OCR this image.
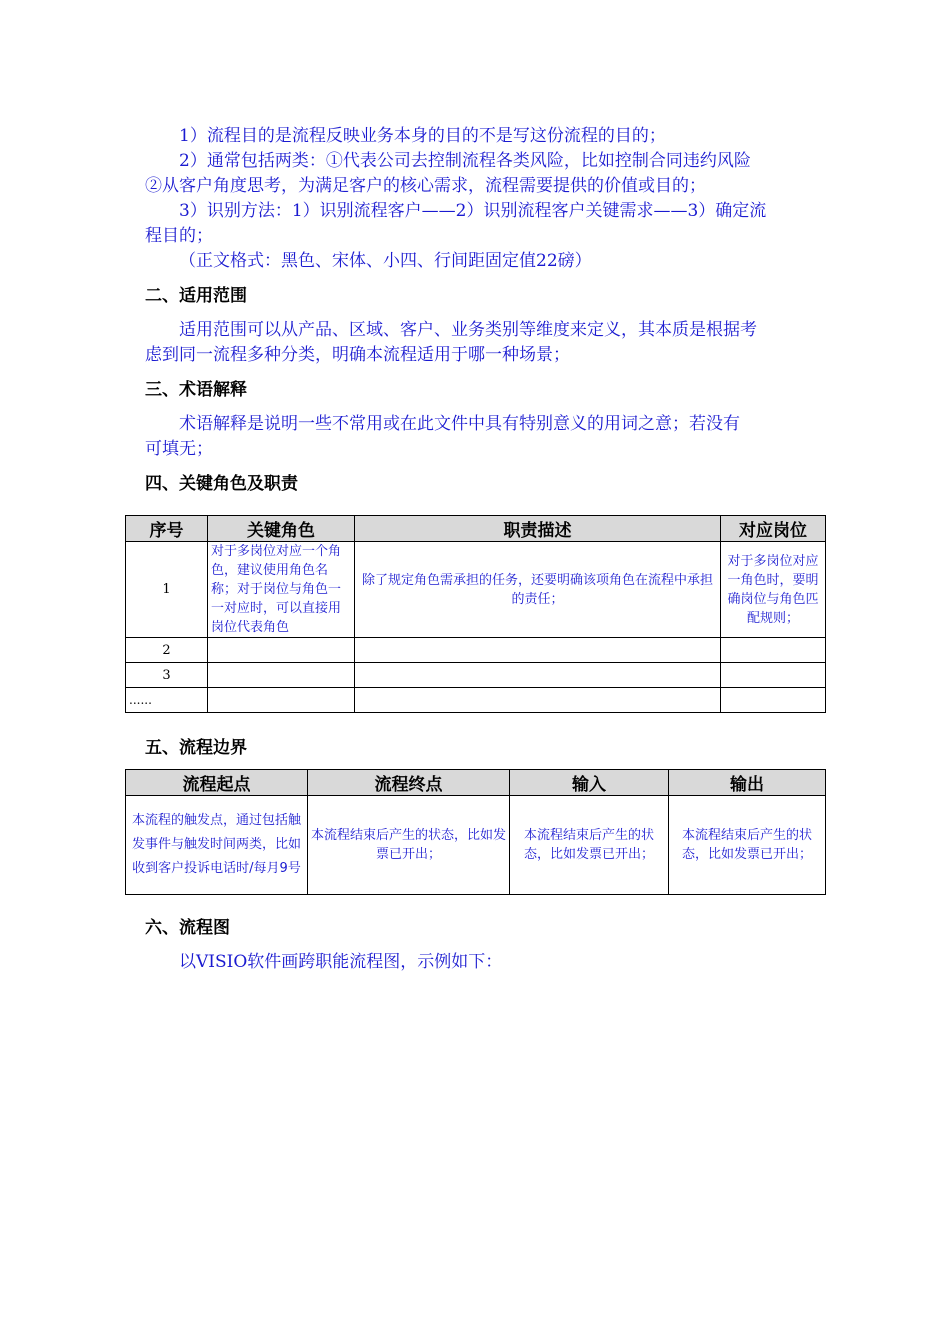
1）流程目的是流程反映业务本身的目的不是写这份流程的目的；
2）通常包括两类：①代表公司去控制流程各类风险，比如控制合同违约风险
②从客户角度思考，为满足客户的核心需求，流程需要提供的价值或目的；
3）识别方法：1）识别流程客户——2）识别流程客户关键需求——3）确定流
程目的；
（正文格式：黑色、宋体、小四、行间距固定值22磅）
二、适用范围
适用范围可以从产品、区域、客户、业务类别等维度来定义，其本质是根据考
虑到同一流程多种分类，明确本流程适用于哪一种场景；
三、术语解释
术语解释是说明一些不常用或在此文件中具有特别意义的用词之意；若没有
可填无；
四、关键角色及职责
序号	关键角色	职责描述	对应岗位
1	对于多岗位对应一个角色，建议使用角色名称；对于岗位与角色一一对应时，可以直接用岗位代表角色	除了规定角色需承担的任务，还要明确该项角色在流程中承担的责任；	对于多岗位对应一角色时，要明确岗位与角色匹配规则；
2			
3			
......			
五、流程边界
流程起点	流程终点	输入	输出
本流程的触发点，通过包括触发事件与触发时间两类，比如收到客户投诉电话时/每月9号	本流程结束后产生的状态，比如发票已开出；	本流程结束后产生的状态，比如发票已开出；	本流程结束后产生的状态，比如发票已开出；
六、流程图
以VISIO软件画跨职能流程图，示例如下：
